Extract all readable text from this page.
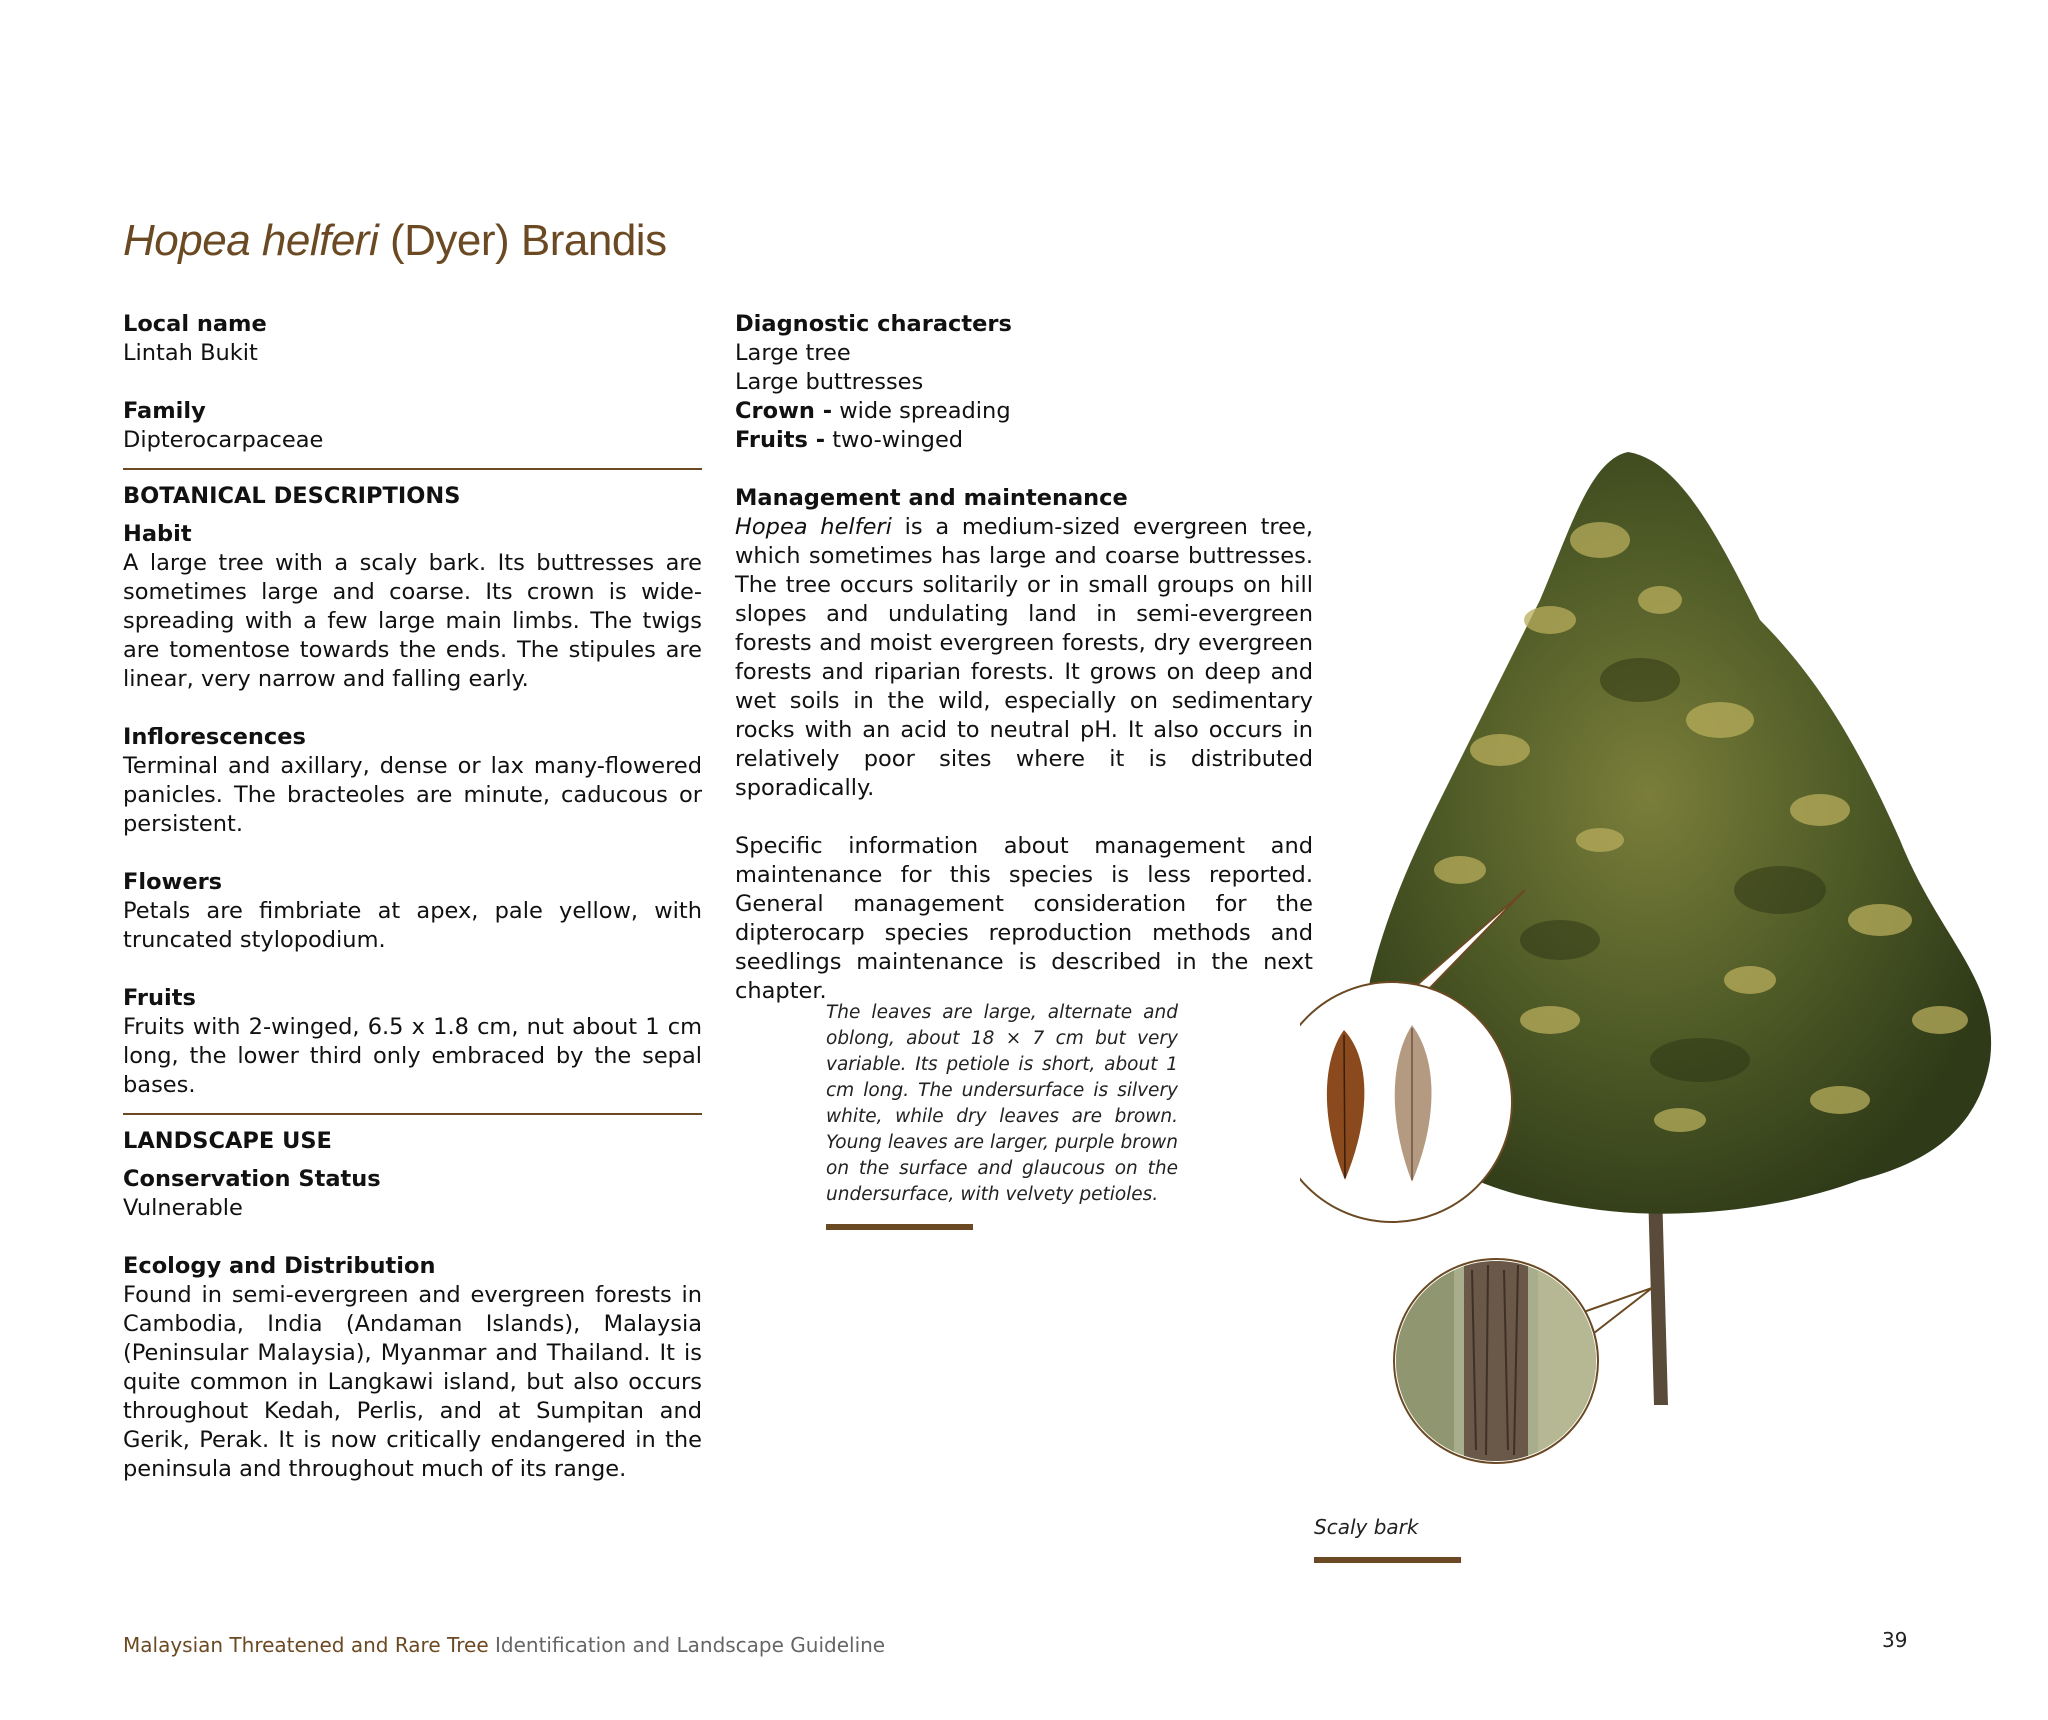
Hopea helferi (Dyer) Brandis
Local name
Lintah Bukit
Family
Dipterocarpaceae
BOTANICAL DESCRIPTIONS
Habit
A large tree with a scaly bark. Its buttresses are sometimes large and coarse. Its crown is wide-spreading with a few large main limbs. The twigs are tomentose towards the ends. The stipules are linear, very narrow and falling early.
Inflorescences
Terminal and axillary, dense or lax many-flowered panicles. The bracteoles are minute, caducous or persistent.
Flowers
Petals are fimbriate at apex, pale yellow, with truncated stylopodium.
Fruits
Fruits with 2-winged, 6.5 x 1.8 cm, nut about 1 cm long, the lower third only embraced by the sepal bases.
LANDSCAPE USE
Conservation Status
Vulnerable
Ecology and Distribution
Found in semi-evergreen and evergreen forests in Cambodia, India (Andaman Islands), Malaysia (Peninsular Malaysia), Myanmar and Thailand. It is quite common in Langkawi island, but also occurs throughout Kedah, Perlis, and at Sumpitan and Gerik, Perak. It is now critically endangered in the peninsula and throughout much of its range.
Diagnostic characters
Large tree
Large buttresses
Crown - wide spreading
Fruits - two-winged
Management and maintenance
Hopea helferi is a medium-sized evergreen tree, which sometimes has large and coarse buttresses. The tree occurs solitarily or in small groups on hill slopes and undulating land in semi-evergreen forests and moist evergreen forests, dry evergreen forests and riparian forests. It grows on deep and wet soils in the wild, especially on sedimentary rocks with an acid to neutral pH. It also occurs in relatively poor sites where it is distributed sporadically.
Specific information about management and maintenance for this species is less reported. General management consideration for the dipterocarp species reproduction methods and seedlings maintenance is described in the next chapter.
The leaves are large, alternate and oblong, about 18 × 7 cm but very variable. Its petiole is short, about 1 cm long. The undersurface is silvery white, while dry leaves are brown. Young leaves are larger, purple brown on the surface and glaucous on the undersurface, with velvety petioles.
Scaly bark
Malaysian Threatened and Rare Tree Identification and Landscape Guideline	39
